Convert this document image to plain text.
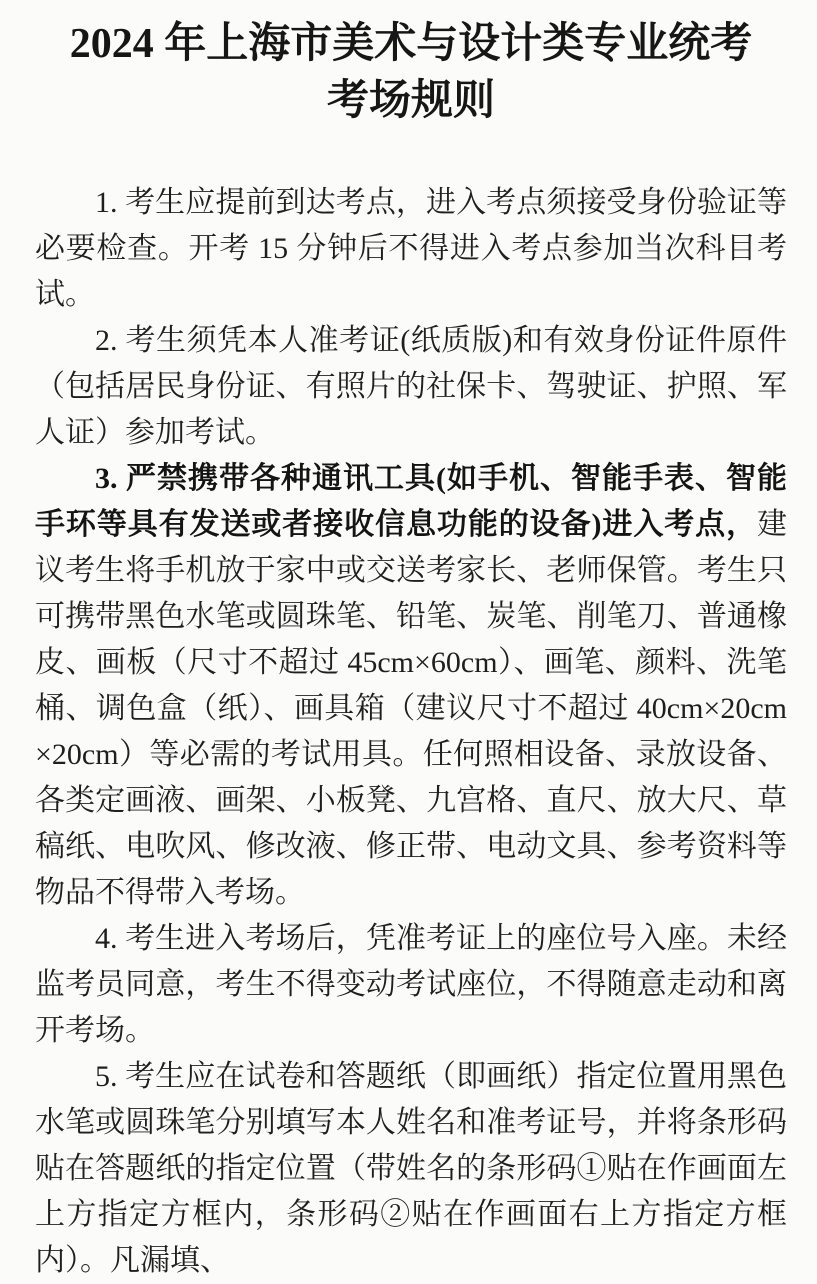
2024 年上海市美术与设计类专业统考
考场规则

1. 考生应提前到达考点，进入考点须接受身份验证等必要检查。开考 15 分钟后不得进入考点参加当次科目考试。

2. 考生须凭本人准考证(纸质版)和有效身份证件原件（包括居民身份证、有照片的社保卡、驾驶证、护照、军人证）参加考试。

3. 严禁携带各种通讯工具(如手机、智能手表、智能手环等具有发送或者接收信息功能的设备)进入考点，建议考生将手机放于家中或交送考家长、老师保管。考生只可携带黑色水笔或圆珠笔、铅笔、炭笔、削笔刀、普通橡皮、画板（尺寸不超过 45cm×60cm）、画笔、颜料、洗笔桶、调色盒（纸）、画具箱（建议尺寸不超过 40cm×20cm×20cm）等必需的考试用具。任何照相设备、录放设备、各类定画液、画架、小板凳、九宫格、直尺、放大尺、草稿纸、电吹风、修改液、修正带、电动文具、参考资料等物品不得带入考场。

4. 考生进入考场后，凭准考证上的座位号入座。未经监考员同意，考生不得变动考试座位，不得随意走动和离开考场。

5. 考生应在试卷和答题纸（即画纸）指定位置用黑色水笔或圆珠笔分别填写本人姓名和准考证号，并将条形码贴在答题纸的指定位置（带姓名的条形码①贴在作画面左上方指定方框内，条形码②贴在作画面右上方指定方框内）。凡漏填、
